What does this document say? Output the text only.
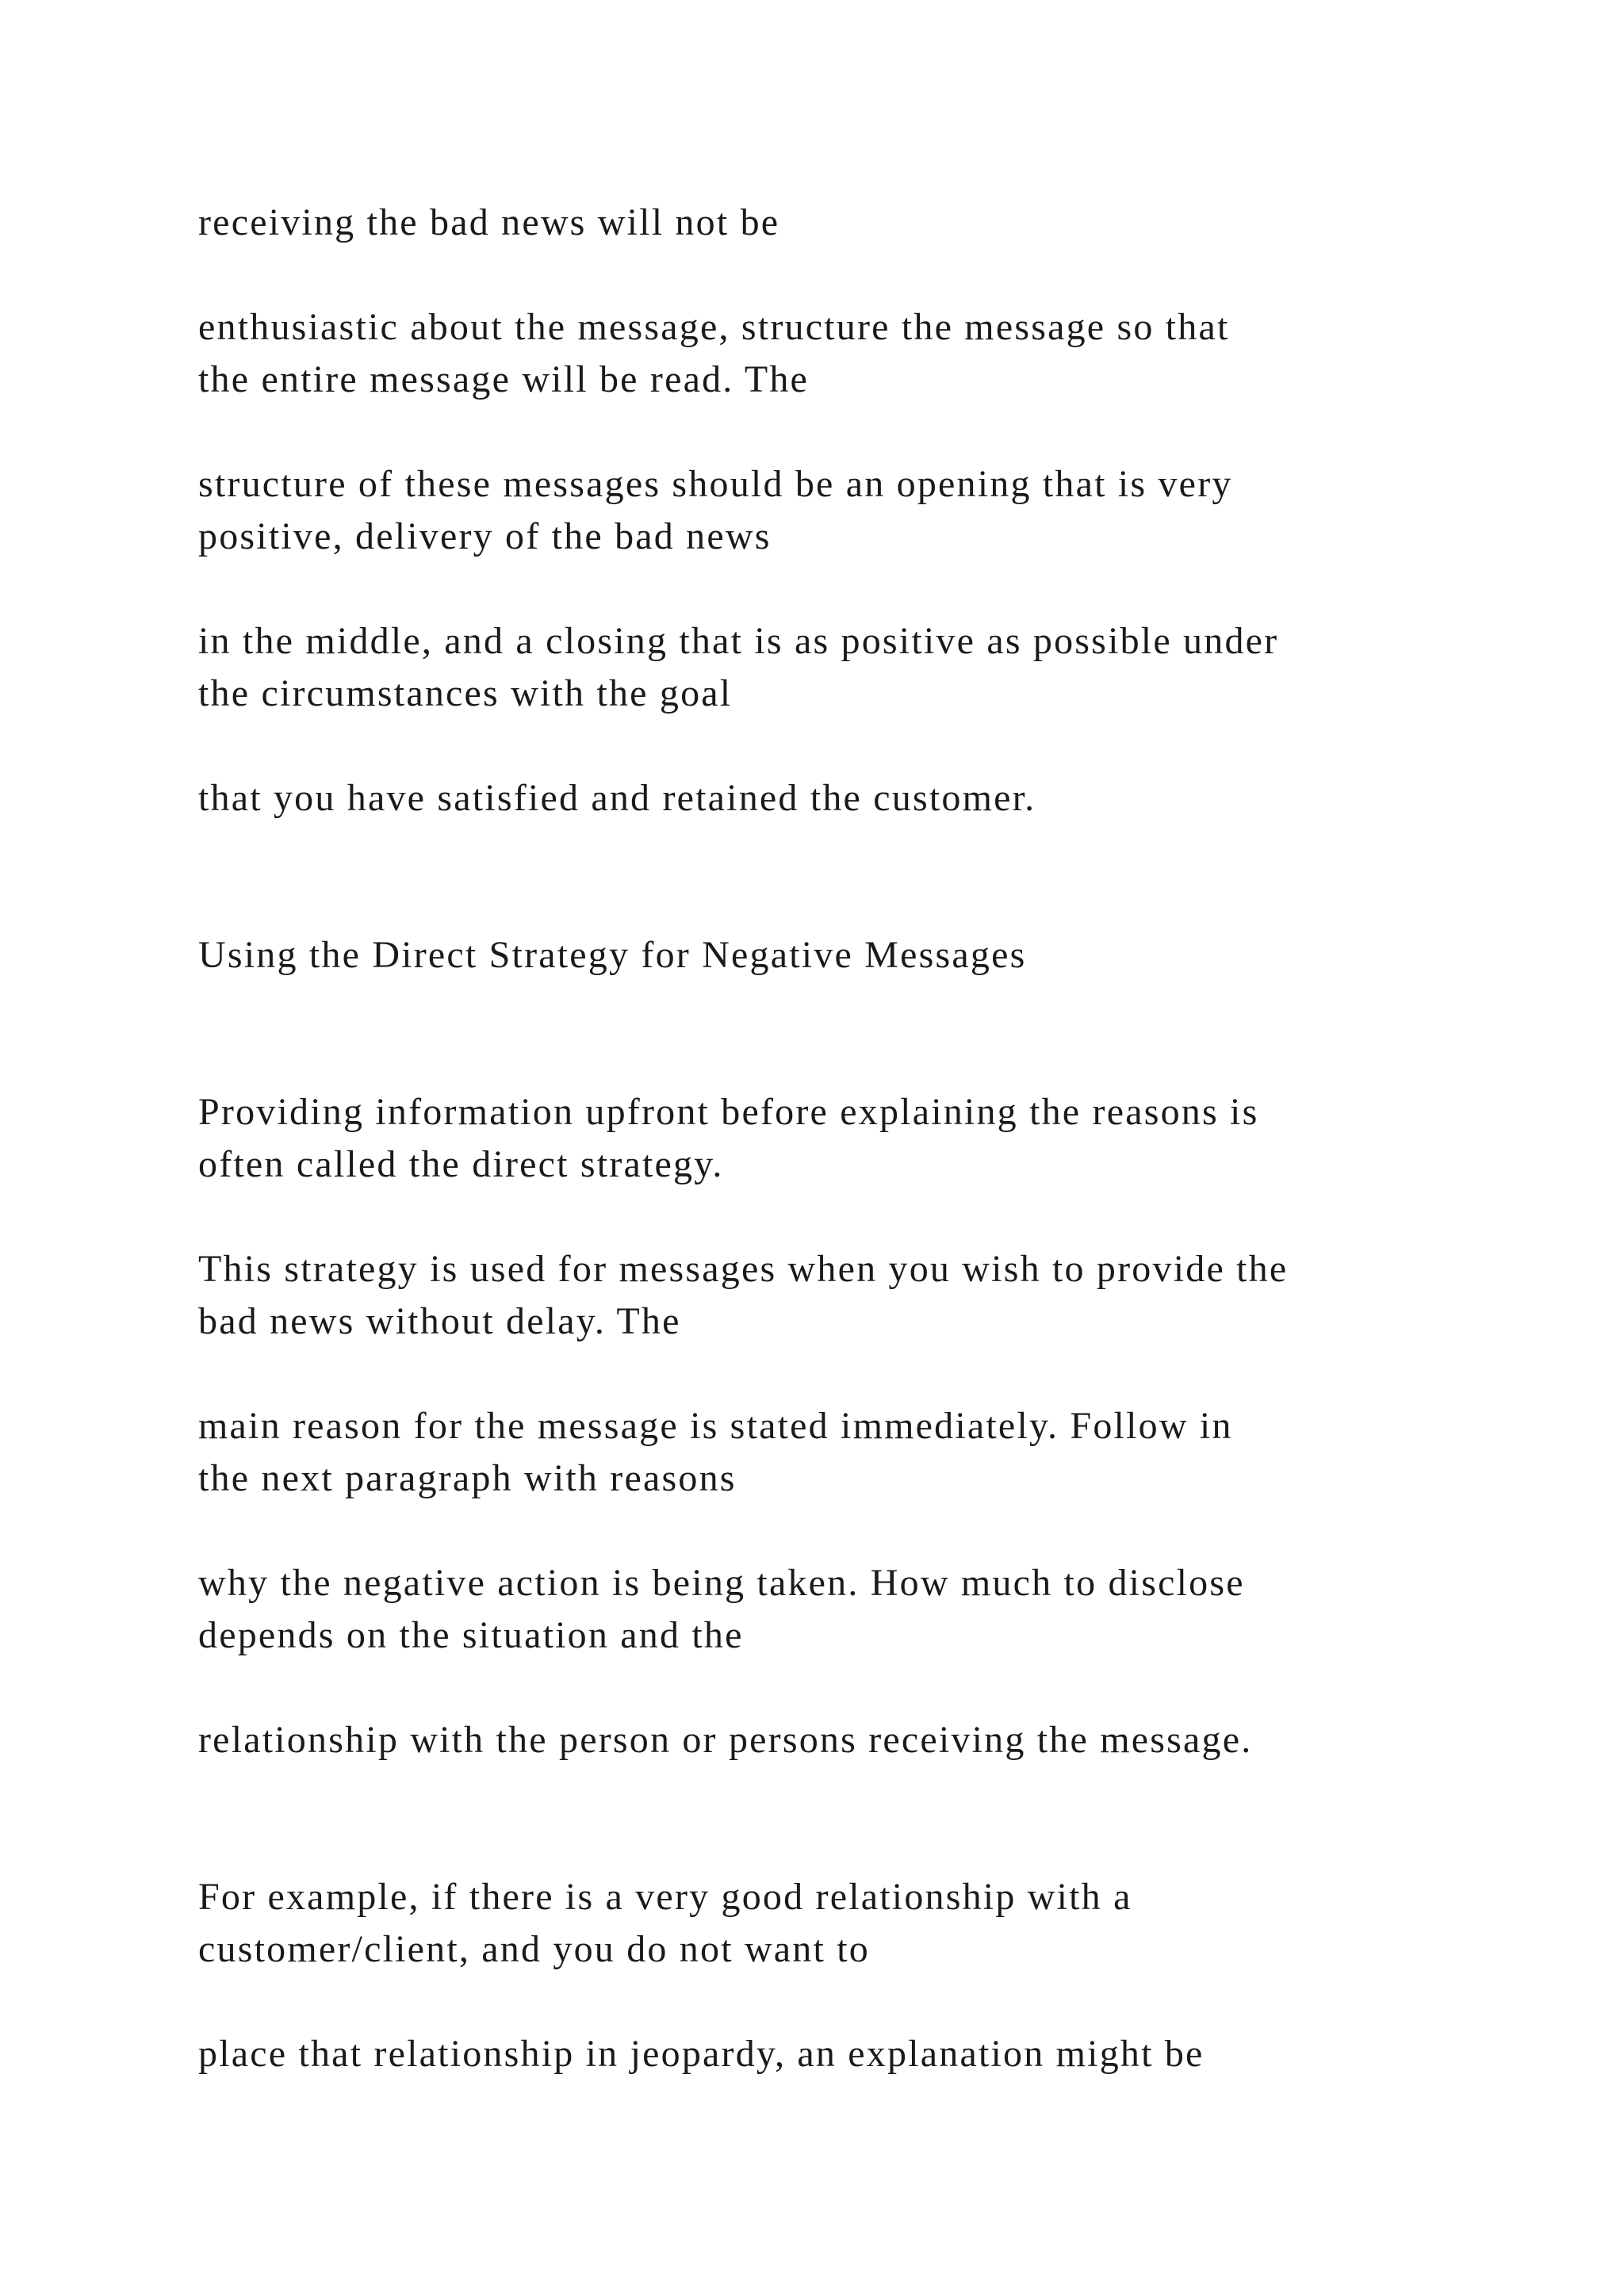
receiving the bad news will not be

enthusiastic about the message, structure the message so that

the entire message will be read. The

structure of these messages should be an opening that is very

positive, delivery of the bad news

in the middle, and a closing that is as positive as possible under

the circumstances with the goal

that you have satisfied and retained the customer.

Using the Direct Strategy for Negative Messages

Providing information upfront before explaining the reasons is

often called the direct strategy.

This strategy is used for messages when you wish to provide the

bad news without delay. The

main reason for the message is stated immediately. Follow in

the next paragraph with reasons

why the negative action is being taken. How much to disclose

depends on the situation and the

relationship with the person or persons receiving the message.

For example, if there is a very good relationship with a

customer/client, and you do not want to

place that relationship in jeopardy, an explanation might be
